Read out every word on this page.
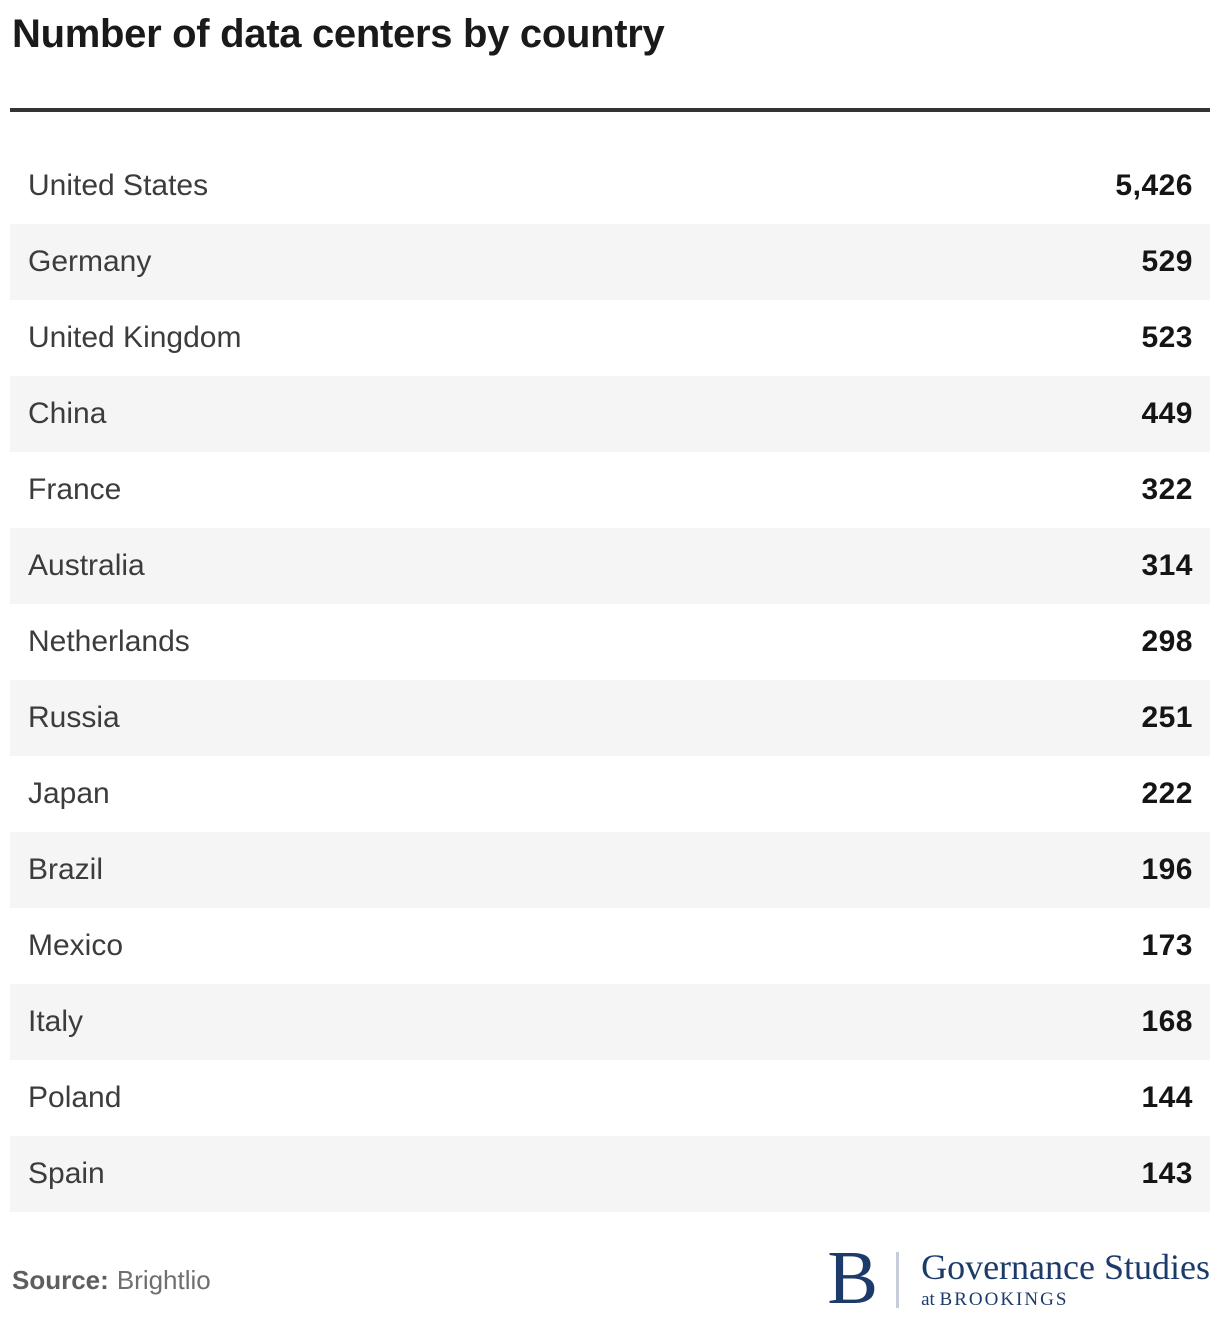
Number of data centers by country
United States	5,426
Germany	529
United Kingdom	523
China	449
France	322
Australia	314
Netherlands	298
Russia	251
Japan	222
Brazil	196
Mexico	173
Italy	168
Poland	144
Spain	143
Source: Brightlio	B Governance Studies
at BROOKINGS
